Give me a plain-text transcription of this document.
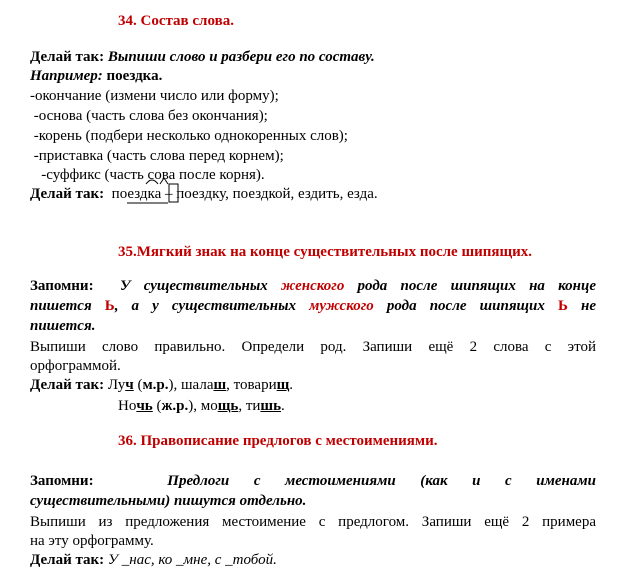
34. Состав слова.
Делай так: Выпиши слово и разбери его по составу.
Например: поездка.
-окончание (измени число или форму);
-основа (часть слова без окончания);
-корень (подбери несколько однокоренных слов);
-приставка (часть слова перед корнем);
-суффикс (часть сова после корня).
Делай так: поездка – поездку, поездкой, ездить, езда.
35.Мягкий знак на конце существительных после шипящих.
Запомни: У существительных женского рода после шипящих на конце
пишется Ь, а у существительных мужского рода после шипящих Ь не
пишется.
Выпиши слово правильно. Определи род. Запиши ещё 2 слова с этой
орфограммой.
Делай так: Луч (м.р.), шалаш, товарищ.
Ночь (ж.р.), мощь, тишь.
36. Правописание предлогов с местоимениями.
Запомни:	Предлоги с местоимениями (как и с именами
существительными) пишутся отдельно.
Выпиши из предложения местоимение с предлогом. Запиши ещё 2 примера
на эту орфограмму.
Делай так: У _нас, ко _мне, с _тобой.
